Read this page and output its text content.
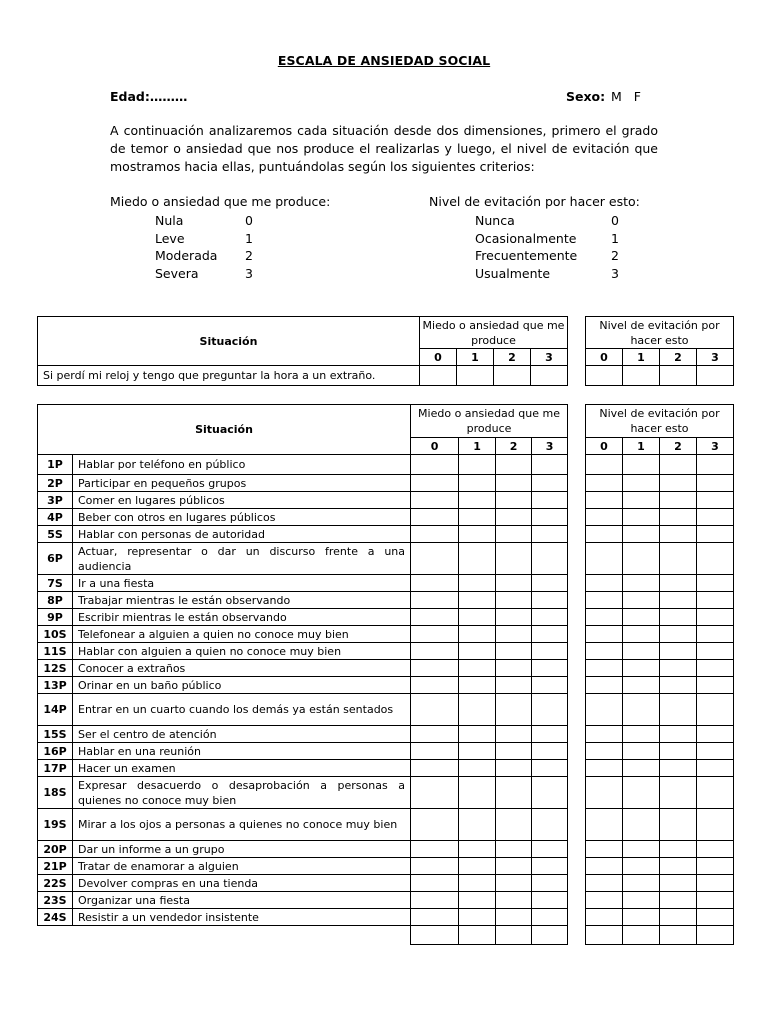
ESCALA DE ANSIEDAD SOCIAL
Edad:………	Sexo: M   F
A continuación analizaremos cada situación desde dos dimensiones, primero el grado de temor o ansiedad que nos produce el realizarlas y luego, el nivel de evitación que mostramos hacia ellas, puntuándolas según los siguientes criterios:
Miedo o ansiedad que me produce:	Nivel de evitación por hacer esto:
Nula	0	Nunca	0
Leve	1	Ocasionalmente	1
Moderada 2	Frecuentemente	2
Severa	3	Usualmente	3
Situación	Miedo o ansiedad que me produce			
	0	1	2	3
Si perdí mi reloj y tengo que preguntar la hora a un extraño.				
Nivel de evitación por hacer esto			
0	1	2	3

Situación		Miedo o ansiedad que me produce			
		0	1	2	3
1P	Hablar por teléfono en público				
2P	Participar en pequeños grupos				
3P	Comer en lugares públicos				
4P	Beber con otros en lugares públicos				
5S	Hablar con personas de autoridad				
6P	Actuar, representar o dar un discurso frente a una audiencia				
7S	Ir a una fiesta				
8P	Trabajar mientras le están observando				
9P	Escribir mientras le están observando				
10S	Telefonear a alguien a quien no conoce muy bien				
11S	Hablar con alguien a quien no conoce muy bien				
12S	Conocer a extraños				
13P	Orinar en un baño público				
14P	Entrar en un cuarto cuando los demás ya están sentados				
15S	Ser el centro de atención				
16P	Hablar en una reunión				
17P	Hacer un examen				
18S	Expresar desacuerdo o desaprobación a personas a quienes no conoce muy bien				
19S	Mirar a los ojos a personas a quienes no conoce muy bien				
20P	Dar un informe a un grupo				
21P	Tratar de enamorar a alguien				
22S	Devolver compras en una tienda				
23S	Organizar una fiesta				
24S	Resistir a un vendedor insistente				

Nivel de evitación por hacer esto			
0	1	2	3
